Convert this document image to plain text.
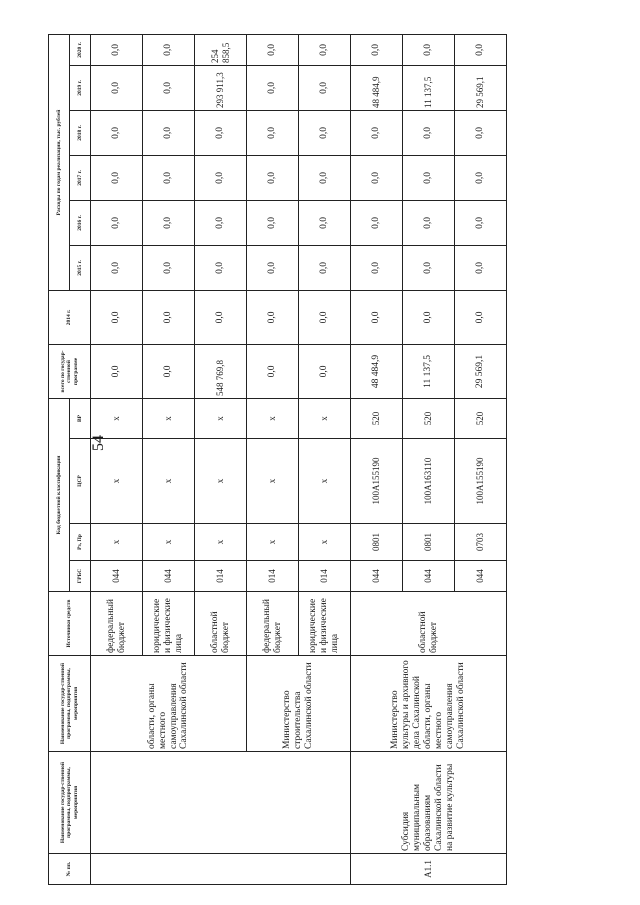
54
№ пп.	Наименование государ-ственной программы, подпрограммы, мероприятия	Наименование государ-ственной программы, подпрограммы, мероприятия	Источники средств	Код бюджетной классификации				всего по государ-ственной программе	2014 г.	Расходы по годам реализации, тыс. рублей					
				ГРБС	Рз, Пр	ЦСР	ВР			2015 г.	2016 г.	2017 г.	2018 г.	2019 г.	2020 г.
		области, органы местного самоуправления Сахалинской области	федеральный бюджет	044	x	x	x	0,0	0,0	0,0	0,0	0,0	0,0	0,0	0,0
			юридические и физические лица	044	x	x	x	0,0	0,0	0,0	0,0	0,0	0,0	0,0	0,0
			областной бюджет	014	x	x	x	548 769,8	0,0	0,0	0,0	0,0	0,0	293 911,3	254 858,5
		Министерство строительства Сахалинской области	федеральный бюджет	014	x	x	x	0,0	0,0	0,0	0,0	0,0	0,0	0,0	0,0
			юридические и физические лица	014	x	x	x	0,0	0,0	0,0	0,0	0,0	0,0	0,0	0,0
A1.1	Субсидия муниципальным образованиям Сахалинской области на развитие культуры	Министерство культуры и архивного дела Сахалинской области, органы местного самоуправления Сахалинской области	областной бюджет	044	0801	100A155190	520	48 484,9	0,0	0,0	0,0	0,0	0,0	48 484,9	0,0
				044	0801	100A163110	520	11 137,5	0,0	0,0	0,0	0,0	0,0	11 137,5	0,0
				044	0703	100A155190	520	29 569,1	0,0	0,0	0,0	0,0	0,0	29 569,1	0,0
